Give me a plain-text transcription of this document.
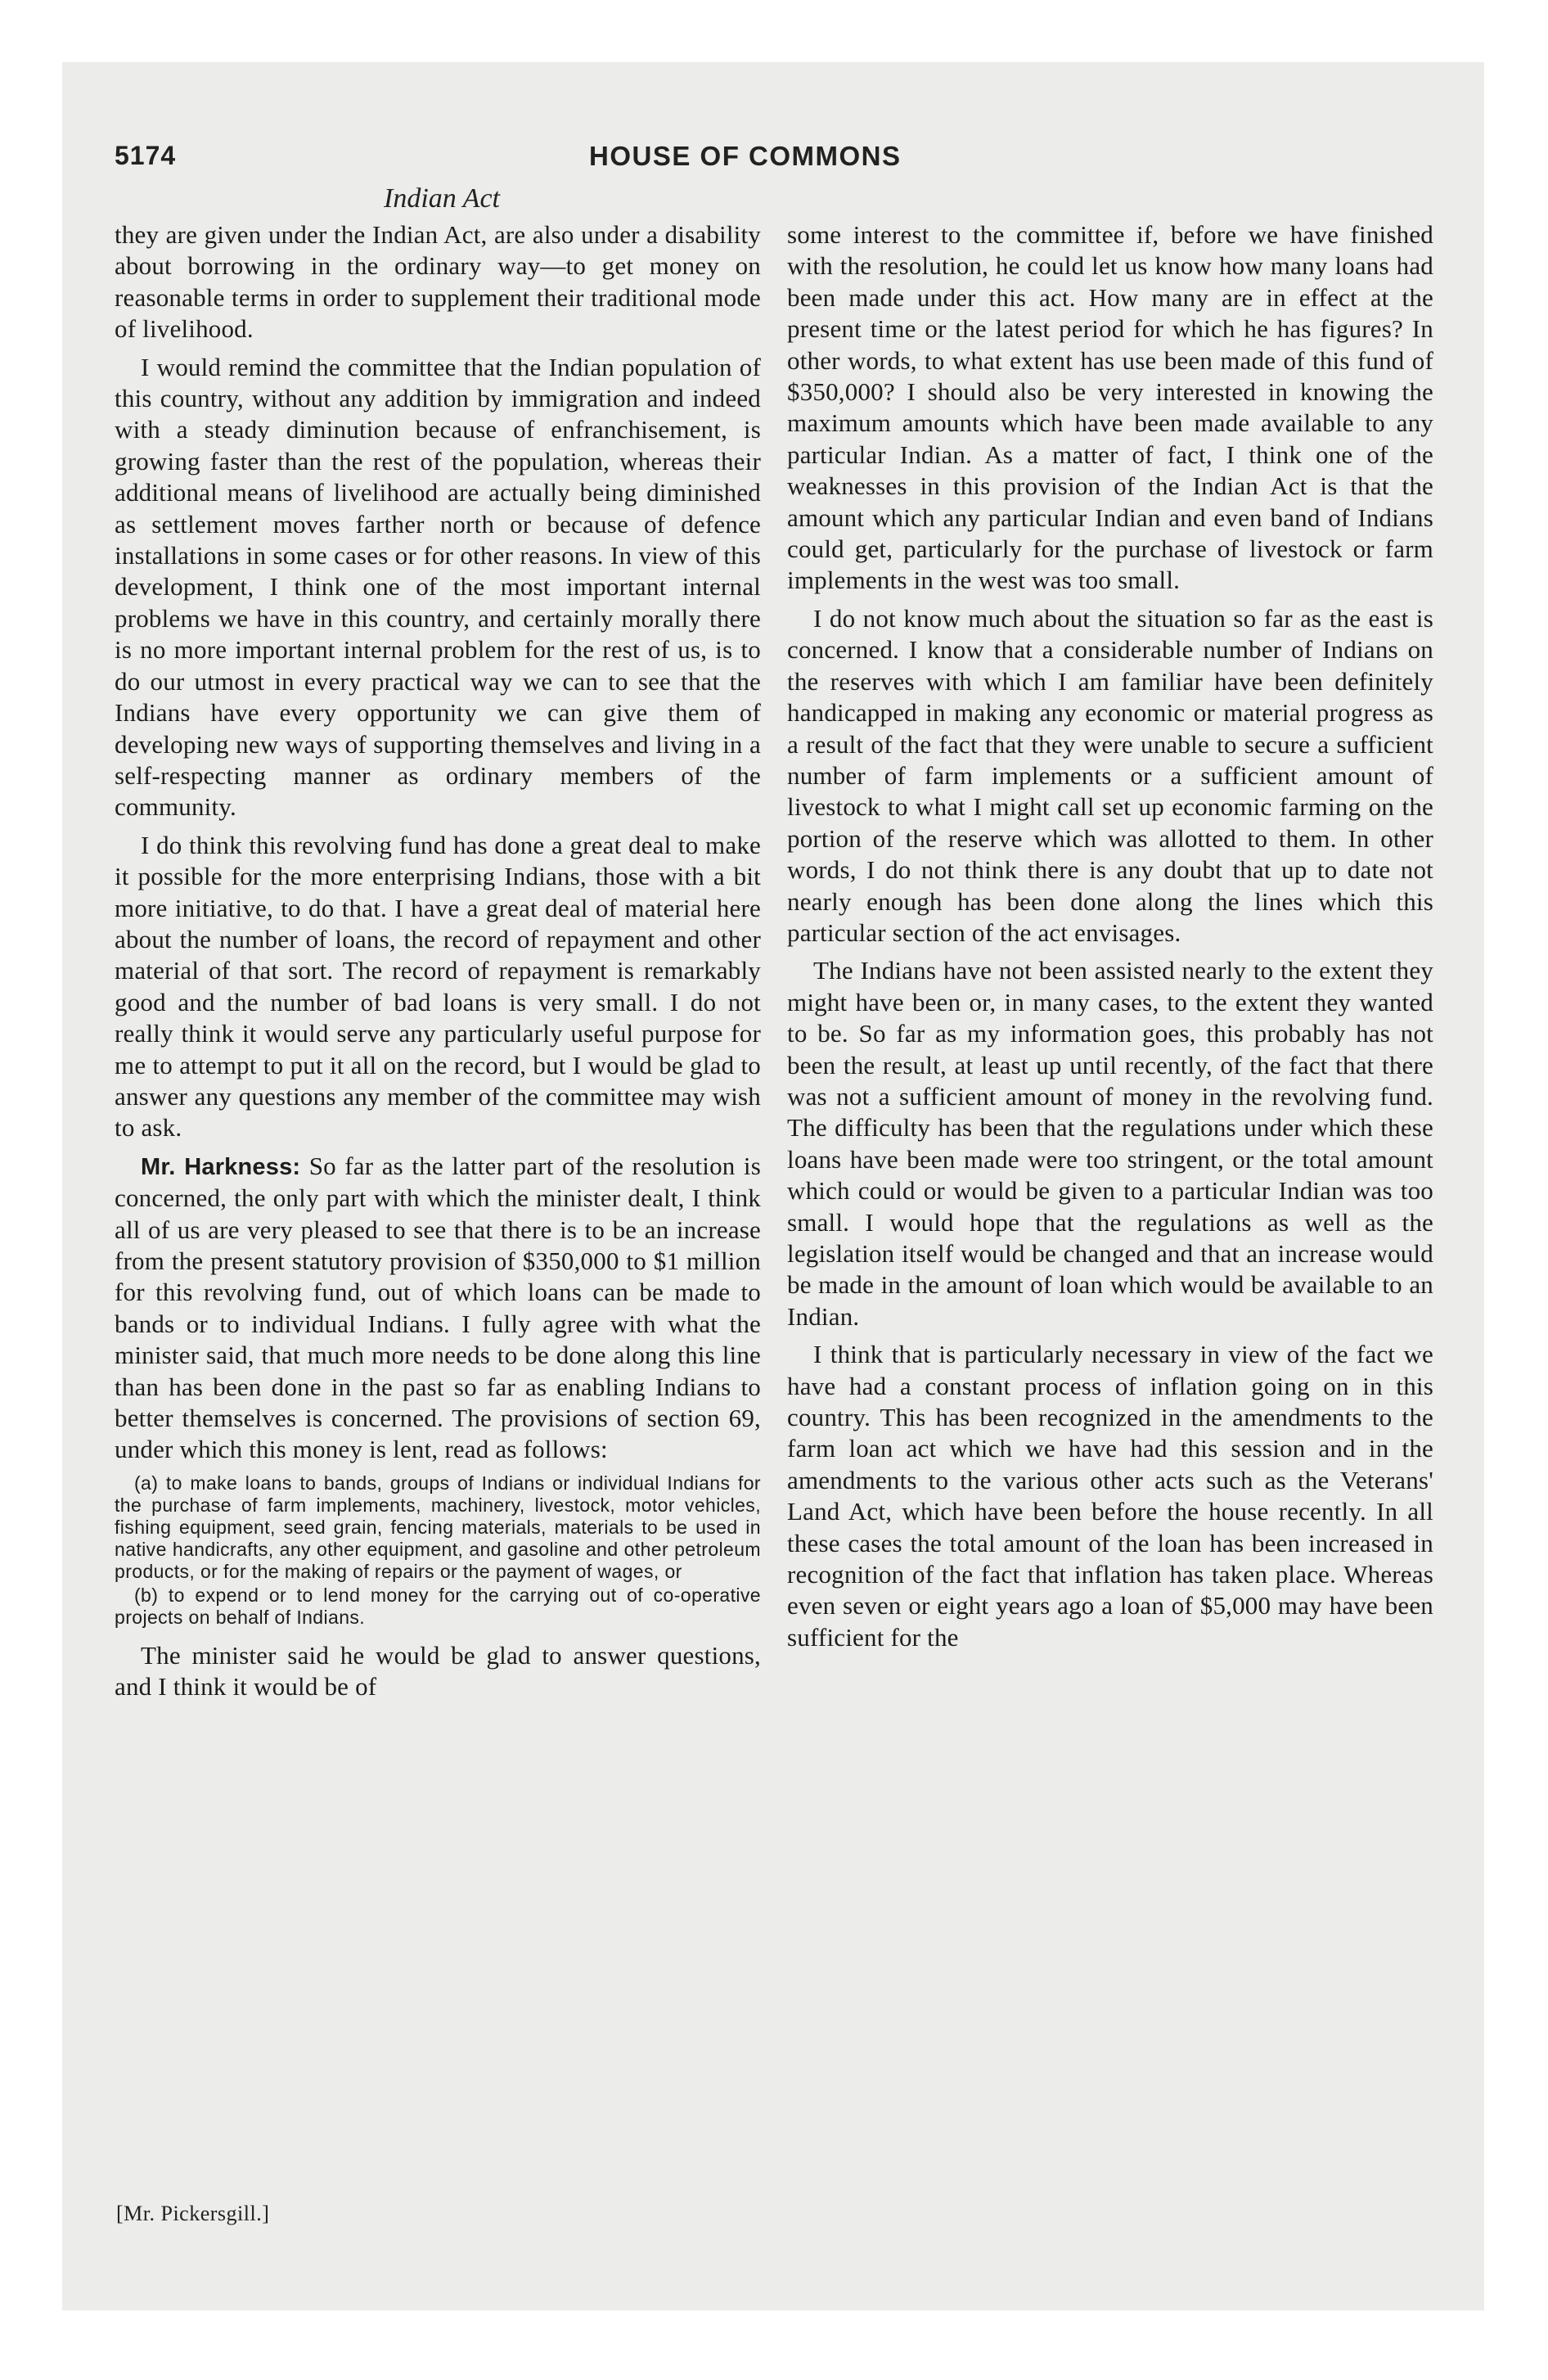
5174	HOUSE OF COMMONS
Indian Act

they are given under the Indian Act, are also under a disability about borrowing in the ordinary way—to get money on reasonable terms in order to supplement their traditional mode of livelihood.

I would remind the committee that the Indian population of this country, without any addition by immigration and indeed with a steady diminution because of enfranchisement, is growing faster than the rest of the population, whereas their additional means of livelihood are actually being diminished as settlement moves farther north or because of defence installations in some cases or for other reasons. In view of this development, I think one of the most important internal problems we have in this country, and certainly morally there is no more important internal problem for the rest of us, is to do our utmost in every practical way we can to see that the Indians have every opportunity we can give them of developing new ways of supporting themselves and living in a self-respecting manner as ordinary members of the community.

I do think this revolving fund has done a great deal to make it possible for the more enterprising Indians, those with a bit more initiative, to do that. I have a great deal of material here about the number of loans, the record of repayment and other material of that sort. The record of repayment is remarkably good and the number of bad loans is very small. I do not really think it would serve any particularly useful purpose for me to attempt to put it all on the record, but I would be glad to answer any questions any member of the committee may wish to ask.

Mr. Harkness: So far as the latter part of the resolution is concerned, the only part with which the minister dealt, I think all of us are very pleased to see that there is to be an increase from the present statutory provision of $350,000 to $1 million for this revolving fund, out of which loans can be made to bands or to individual Indians. I fully agree with what the minister said, that much more needs to be done along this line than has been done in the past so far as enabling Indians to better themselves is concerned. The provisions of section 69, under which this money is lent, read as follows:

(a) to make loans to bands, groups of Indians or individual Indians for the purchase of farm implements, machinery, livestock, motor vehicles, fishing equipment, seed grain, fencing materials, materials to be used in native handicrafts, any other equipment, and gasoline and other petroleum products, or for the making of repairs or the payment of wages, or

(b) to expend or to lend money for the carrying out of co-operative projects on behalf of Indians.

The minister said he would be glad to answer questions, and I think it would be of

some interest to the committee if, before we have finished with the resolution, he could let us know how many loans had been made under this act. How many are in effect at the present time or the latest period for which he has figures? In other words, to what extent has use been made of this fund of $350,000? I should also be very interested in knowing the maximum amounts which have been made available to any particular Indian. As a matter of fact, I think one of the weaknesses in this provision of the Indian Act is that the amount which any particular Indian and even band of Indians could get, particularly for the purchase of livestock or farm implements in the west was too small.

I do not know much about the situation so far as the east is concerned. I know that a considerable number of Indians on the reserves with which I am familiar have been definitely handicapped in making any economic or material progress as a result of the fact that they were unable to secure a sufficient number of farm implements or a sufficient amount of livestock to what I might call set up economic farming on the portion of the reserve which was allotted to them. In other words, I do not think there is any doubt that up to date not nearly enough has been done along the lines which this particular section of the act envisages.

The Indians have not been assisted nearly to the extent they might have been or, in many cases, to the extent they wanted to be. So far as my information goes, this probably has not been the result, at least up until recently, of the fact that there was not a sufficient amount of money in the revolving fund. The difficulty has been that the regulations under which these loans have been made were too stringent, or the total amount which could or would be given to a particular Indian was too small. I would hope that the regulations as well as the legislation itself would be changed and that an increase would be made in the amount of loan which would be available to an Indian.

I think that is particularly necessary in view of the fact we have had a constant process of inflation going on in this country. This has been recognized in the amendments to the farm loan act which we have had this session and in the amendments to the various other acts such as the Veterans' Land Act, which have been before the house recently. In all these cases the total amount of the loan has been increased in recognition of the fact that inflation has taken place. Whereas even seven or eight years ago a loan of $5,000 may have been sufficient for the

[Mr. Pickersgill.]
